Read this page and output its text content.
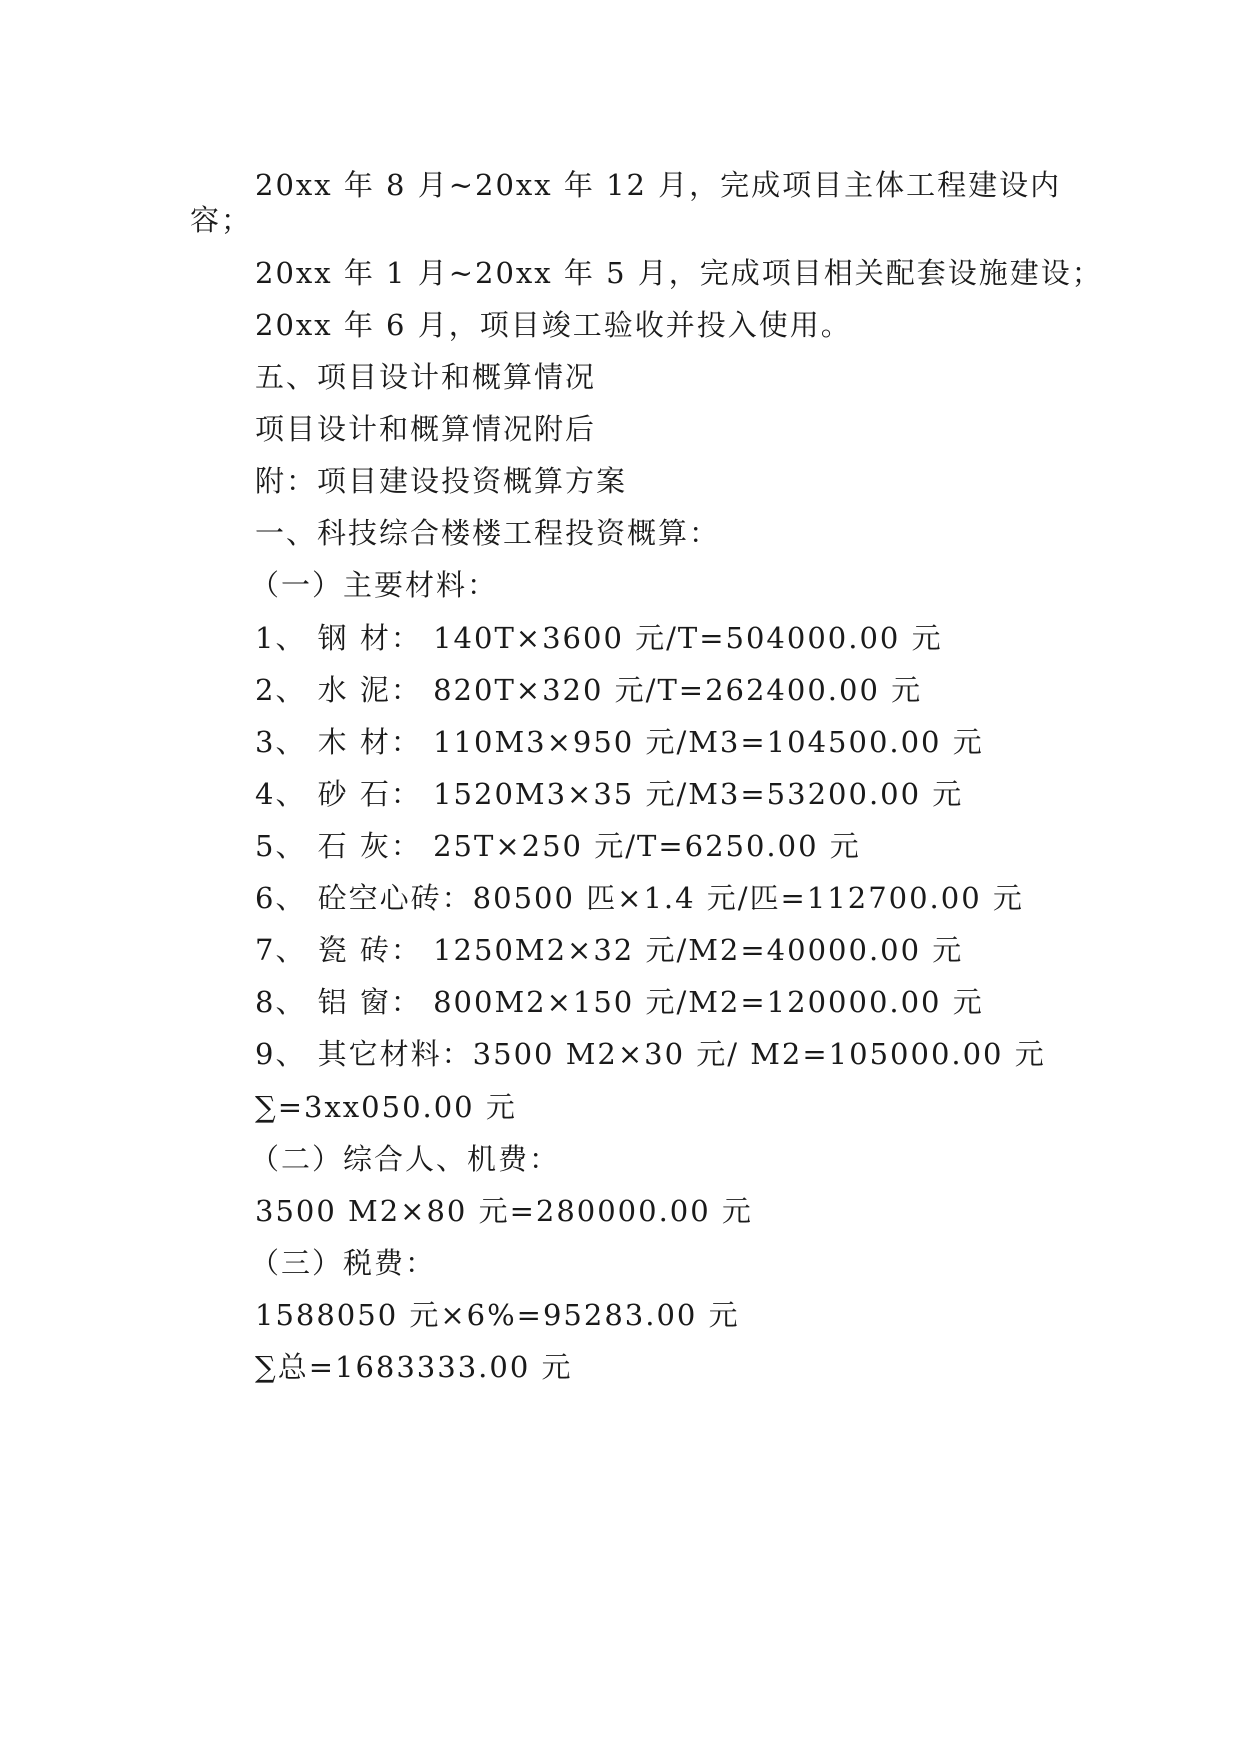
20xx 年 8 月~20xx 年 12 月，完成项目主体工程建设内
容；
20xx 年 1 月~20xx 年 5 月，完成项目相关配套设施建设；
20xx 年 6 月，项目竣工验收并投入使用。
五、项目设计和概算情况
项目设计和概算情况附后
附：项目建设投资概算方案
一、科技综合楼楼工程投资概算：
（一）主要材料：
1、 钢 材： 140T×3600 元/T=504000.00 元
2、 水 泥： 820T×320 元/T=262400.00 元
3、 木 材： 110M3×950 元/M3=104500.00 元
4、 砂 石： 1520M3×35 元/M3=53200.00 元
5、 石 灰： 25T×250 元/T=6250.00 元
6、 砼空心砖：80500 匹×1.4 元/匹=112700.00 元
7、 瓷 砖： 1250M2×32 元/M2=40000.00 元
8、 铝 窗： 800M2×150 元/M2=120000.00 元
9、 其它材料：3500 M2×30 元/ M2=105000.00 元
∑=3xx050.00 元
（二）综合人、机费：
3500 M2×80 元=280000.00 元
（三）税费：
1588050 元×6%=95283.00 元
∑总=1683333.00 元
